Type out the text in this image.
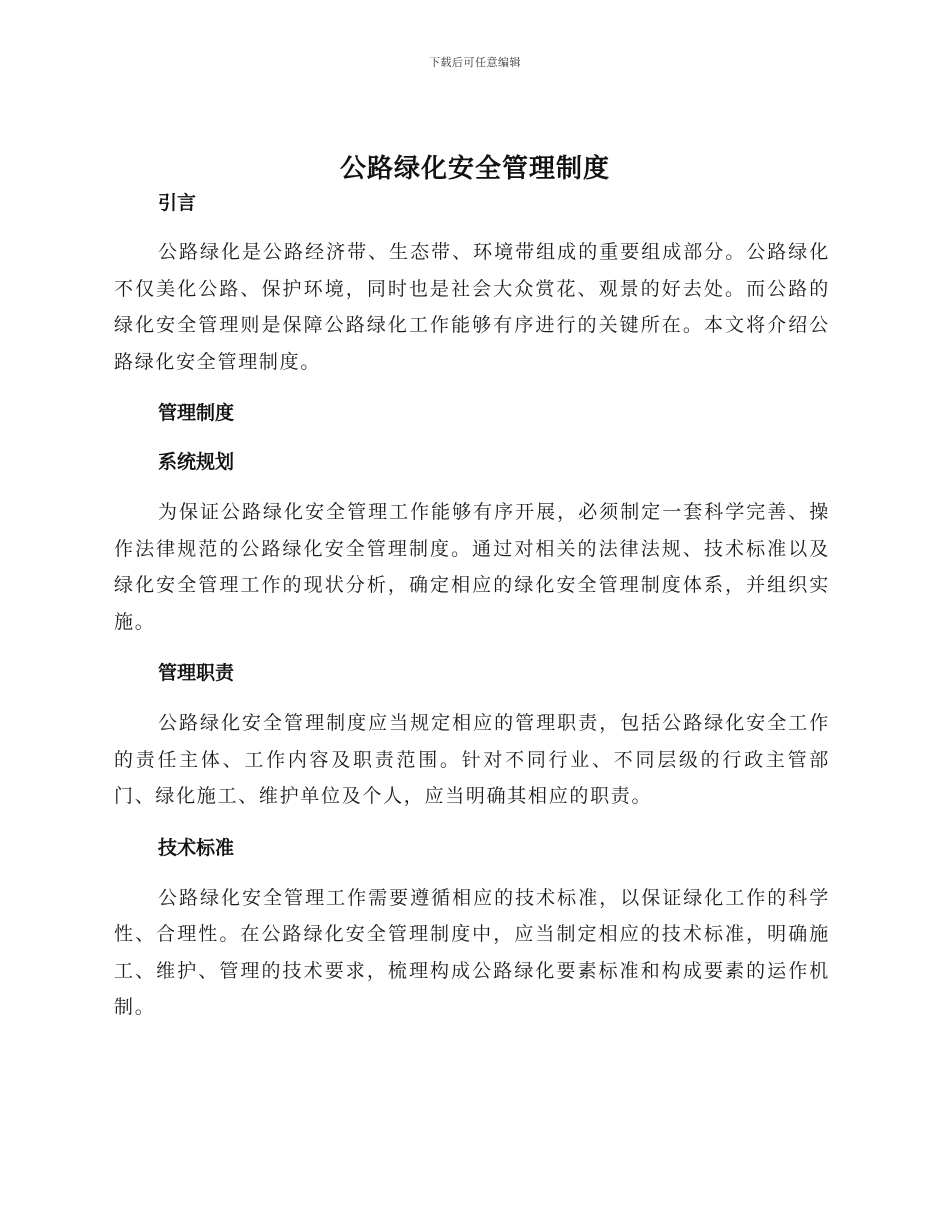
下载后可任意编辑
公路绿化安全管理制度
引言

公路绿化是公路经济带、生态带、环境带组成的重要组成部分。公路绿化不仅美化公路、保护环境，同时也是社会大众赏花、观景的好去处。而公路的绿化安全管理则是保障公路绿化工作能够有序进行的关键所在。本文将介绍公路绿化安全管理制度。

管理制度
系统规划

为保证公路绿化安全管理工作能够有序开展，必须制定一套科学完善、操作法律规范的公路绿化安全管理制度。通过对相关的法律法规、技术标准以及绿化安全管理工作的现状分析，确定相应的绿化安全管理制度体系，并组织实施。

管理职责

公路绿化安全管理制度应当规定相应的管理职责，包括公路绿化安全工作的责任主体、工作内容及职责范围。针对不同行业、不同层级的行政主管部门、绿化施工、维护单位及个人，应当明确其相应的职责。

技术标准

公路绿化安全管理工作需要遵循相应的技术标准，以保证绿化工作的科学性、合理性。在公路绿化安全管理制度中，应当制定相应的技术标准，明确施工、维护、管理的技术要求，梳理构成公路绿化要素标准和构成要素的运作机制。
